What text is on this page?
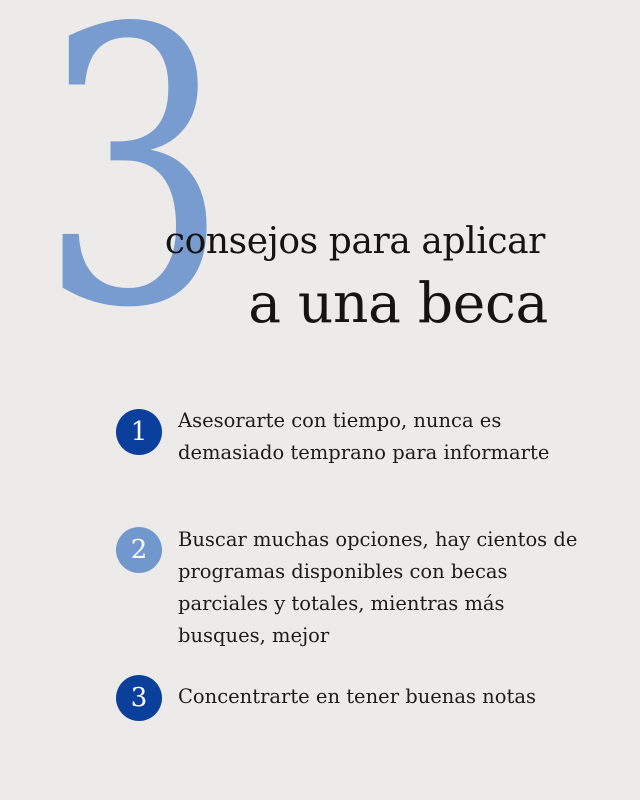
3
consejos para aplicar
a una beca
1	Asesorarte con tiempo, nunca es demasiado temprano para informarte
2	Buscar muchas opciones, hay cientos de programas disponibles con becas parciales y totales, mientras más busques, mejor
3	Concentrarte en tener buenas notas
